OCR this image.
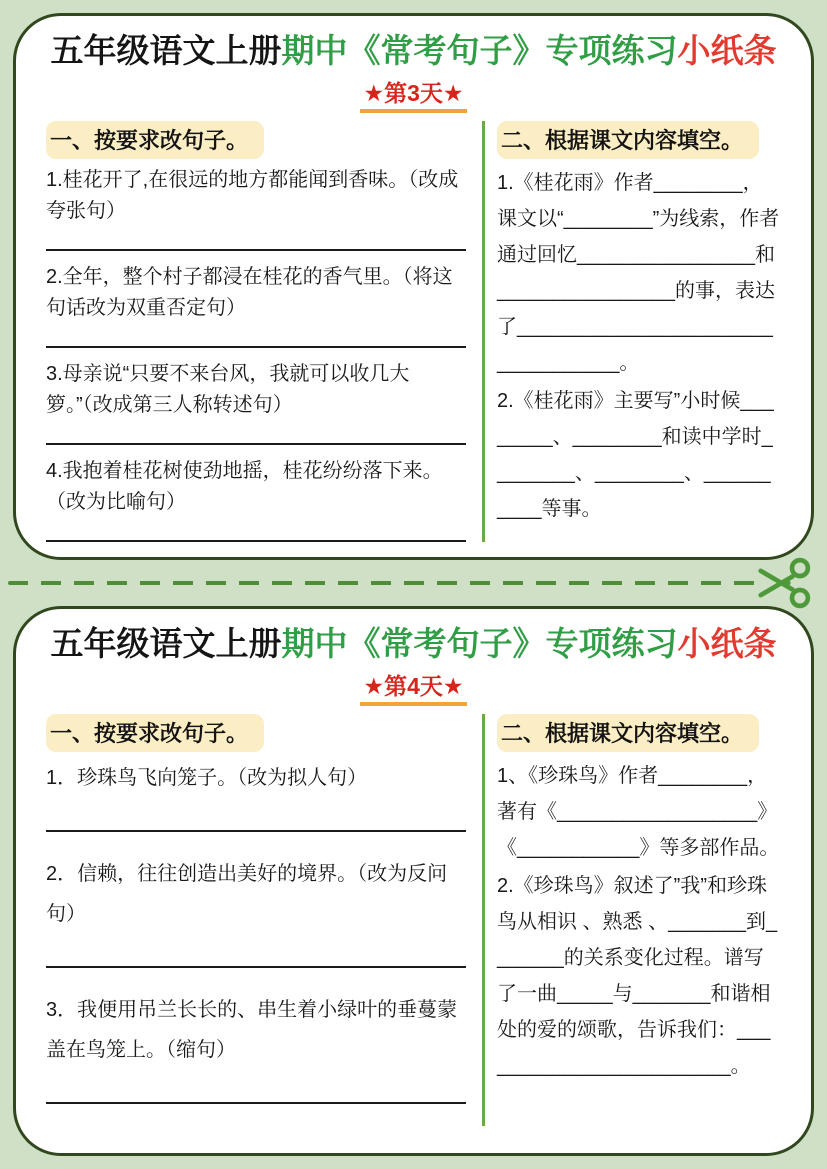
五年级语文上册期中《常考句子》专项练习小纸条
★第3天★
一、按要求改句子。

1.桂花开了,在很远的地方都能闻到香味。（改成夸张句）

2.全年，整个村子都浸在桂花的香气里。（将这句话改为双重否定句）

3.母亲说“只要不来台风，我就可以收几大箩。”（改成第三人称转述句）

4.我抱着桂花树使劲地摇，桂花纷纷落下来。（改为比喻句）

二、根据课文内容填空。

1.《桂花雨》作者________，课文以“________”为线索，作者通过回忆________________和________________的事，表达了__________________________________。

2.《桂花雨》主要写”小时候________、________和读中学时________、________、__________等事。

五年级语文上册期中《常考句子》专项练习小纸条
★第4天★
一、按要求改句子。

1．珍珠鸟飞向笼子。（改为拟人句）

2．信赖，往往创造出美好的境界。（改为反问句）

3．我便用吊兰长长的、串生着小绿叶的垂蔓蒙盖在鸟笼上。（缩句）

二、根据课文内容填空。

1、《珍珠鸟》作者________，著有《__________________》《___________》等多部作品。

2.《珍珠鸟》叙述了”我”和珍珠鸟从相识 、熟悉 、_______到_______的关系变化过程。谱写了一曲_____与_______和谐相处的爱的颂歌，告诉我们：________________________。
